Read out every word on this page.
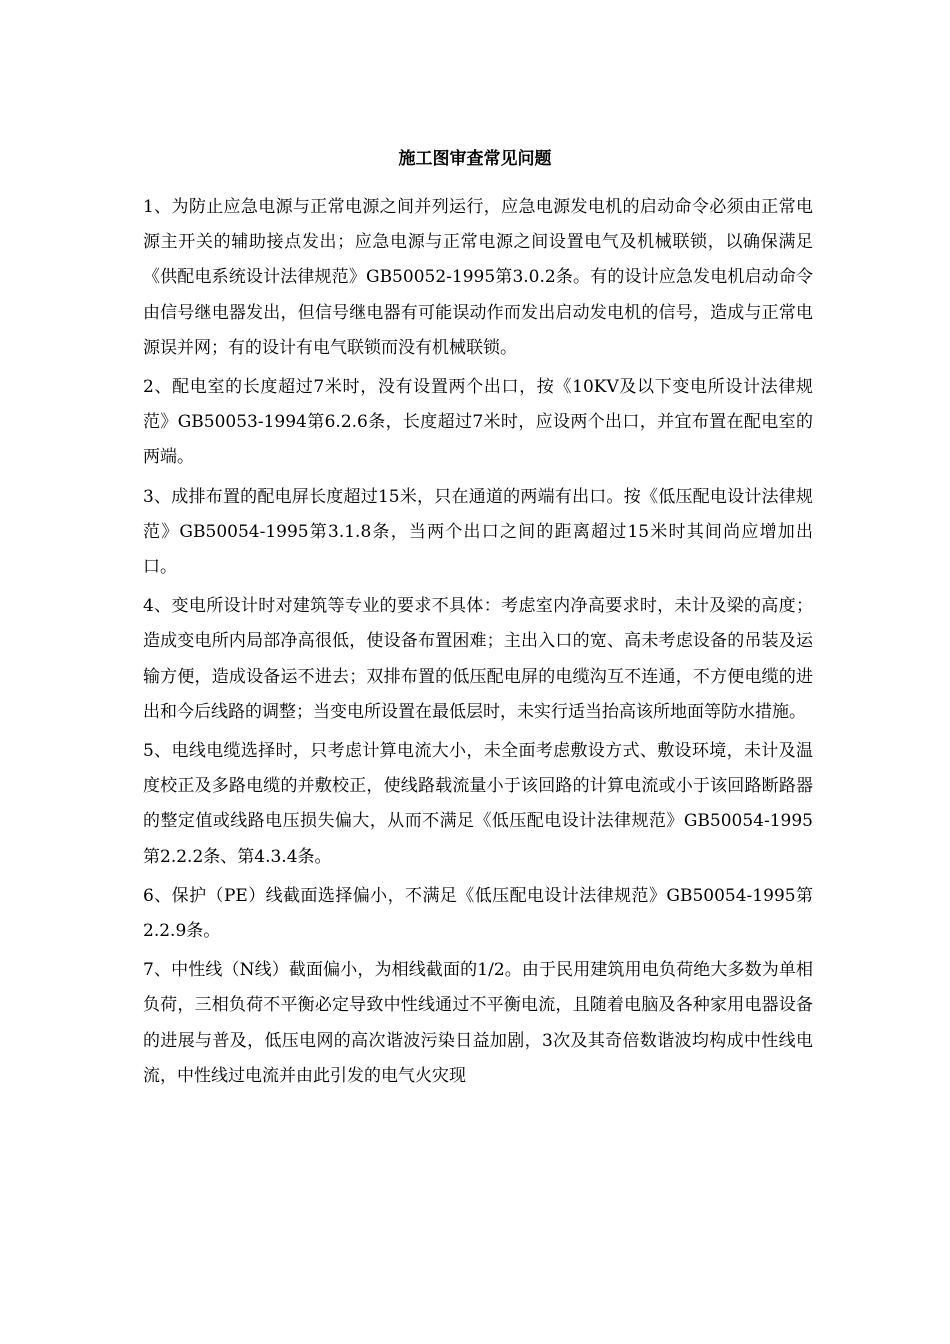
施工图审查常见问题

1、为防止应急电源与正常电源之间并列运行，应急电源发电机的启动命令必须由正常电源主开关的辅助接点发出；应急电源与正常电源之间设置电气及机械联锁，以确保满足《供配电系统设计法律规范》GB50052-1995第3.0.2条。有的设计应急发电机启动命令由信号继电器发出，但信号继电器有可能误动作而发出启动发电机的信号，造成与正常电源误并网；有的设计有电气联锁而没有机械联锁。

2、配电室的长度超过7米时，没有设置两个出口，按《10KV及以下变电所设计法律规范》GB50053-1994第6.2.6条，长度超过7米时，应设两个出口，并宜布置在配电室的两端。

3、成排布置的配电屏长度超过15米，只在通道的两端有出口。按《低压配电设计法律规范》GB50054-1995第3.1.8条，当两个出口之间的距离超过15米时其间尚应增加出口。

4、变电所设计时对建筑等专业的要求不具体：考虑室内净高要求时，未计及梁的高度；造成变电所内局部净高很低，使设备布置困难；主出入口的宽、高未考虑设备的吊装及运输方便，造成设备运不进去；双排布置的低压配电屏的电缆沟互不连通，不方便电缆的进出和今后线路的调整；当变电所设置在最低层时，未实行适当抬高该所地面等防水措施。

5、电线电缆选择时，只考虑计算电流大小，未全面考虑敷设方式、敷设环境，未计及温度校正及多路电缆的并敷校正，使线路载流量小于该回路的计算电流或小于该回路断路器的整定值或线路电压损失偏大，从而不满足《低压配电设计法律规范》GB50054-1995第2.2.2条、第4.3.4条。

6、保护（PE）线截面选择偏小，不满足《低压配电设计法律规范》GB50054-1995第2.2.9条。

7、中性线（N线）截面偏小，为相线截面的1/2。由于民用建筑用电负荷绝大多数为单相负荷，三相负荷不平衡必定导致中性线通过不平衡电流，且随着电脑及各种家用电器设备的进展与普及，低压电网的高次谐波污染日益加剧，3次及其奇倍数谐波均构成中性线电流，中性线过电流并由此引发的电气火灾现
